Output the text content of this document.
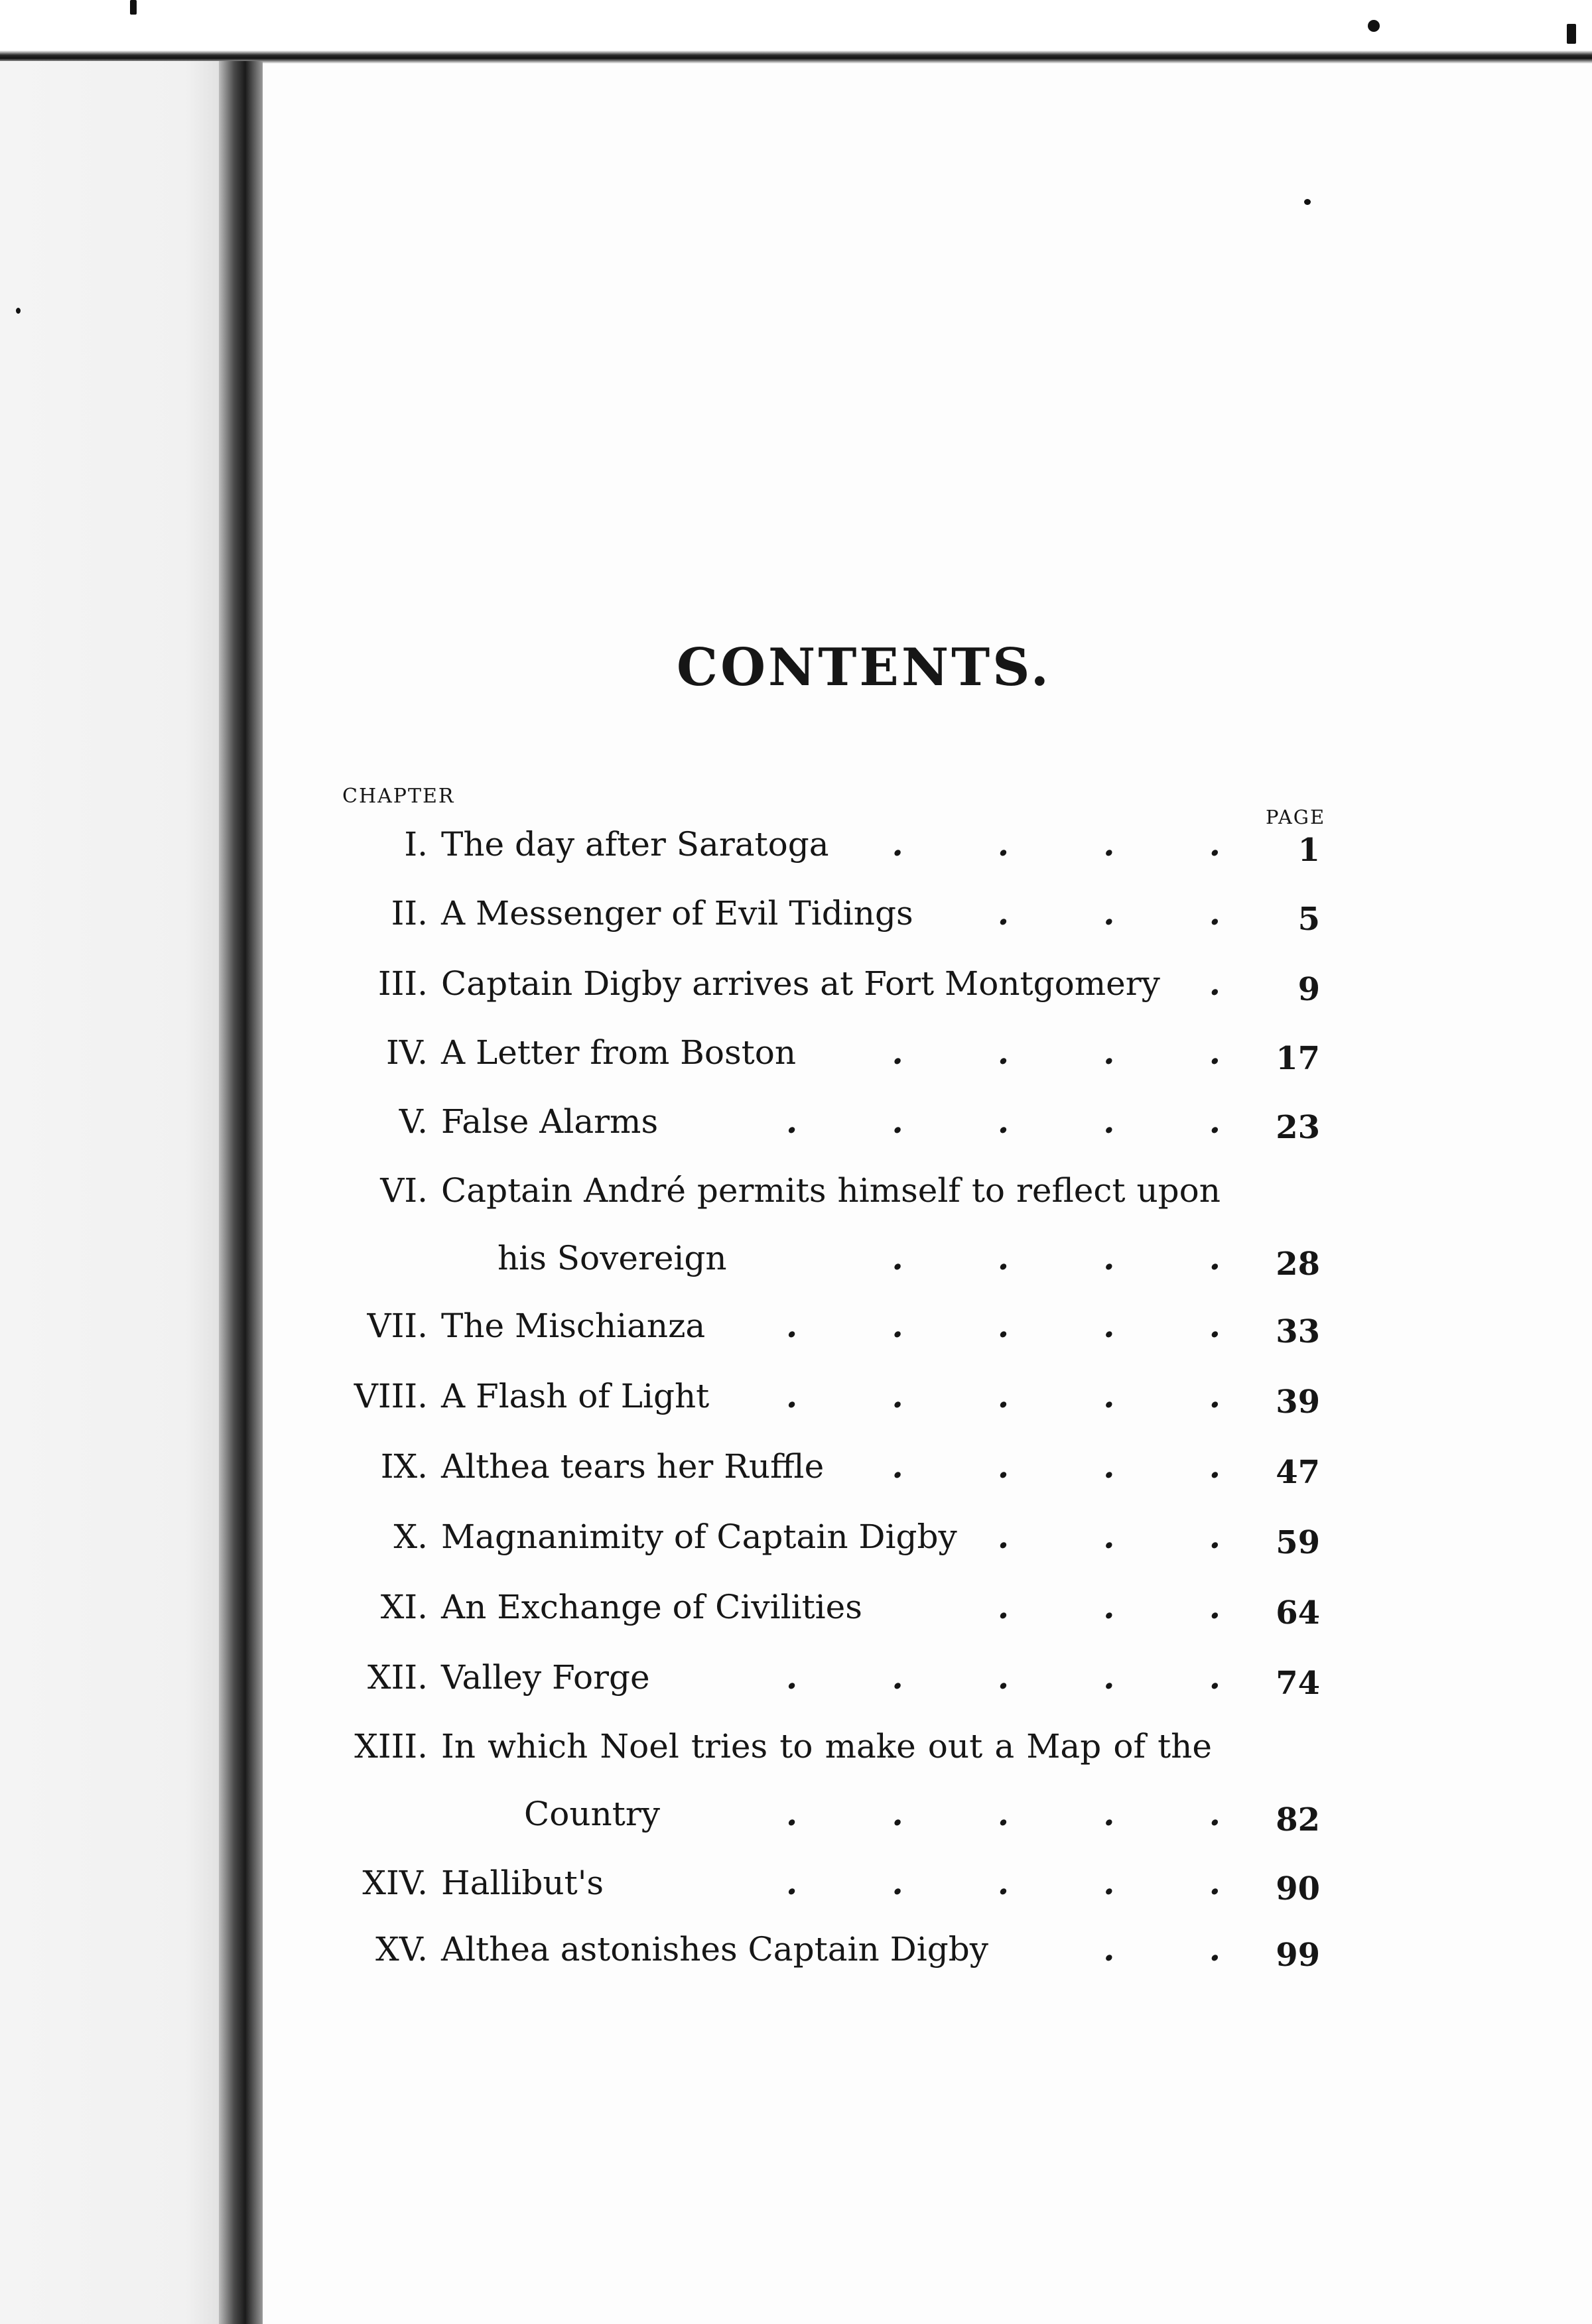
CONTENTS.
CHAPTER
PAGE
I. The day after Saratoga .	.	.	. 1
II. A Messenger of Evil Tidings	.	.	. 5
III. Captain Digby arrives at Fort Montgomery . 9
IV. A Letter from Boston	.	.	.	. 17
V. False Alarms	.	.	.	.	. 23
VI. Captain André permits himself to reflect upon
his Sovereign	.	.	.	. 28
VII. The Mischianza .	.	.	.	. 33
VIII. A Flash of Light .	.	.	.	. 39
IX. Althea tears her Ruffle .	.	.	. 47
X. Magnanimity of Captain Digby .	.	. 59
XI. An Exchange of Civilities	.	.	. 64
XII. Valley Forge	.	.	.	.	. 74
XIII. In which Noel tries to make out a Map of the
Country	.	.	.	.	. 82
XIV. Hallibut's	.	.	.	.	. 90
XV. Althea astonishes Captain Digby	.	. 99
